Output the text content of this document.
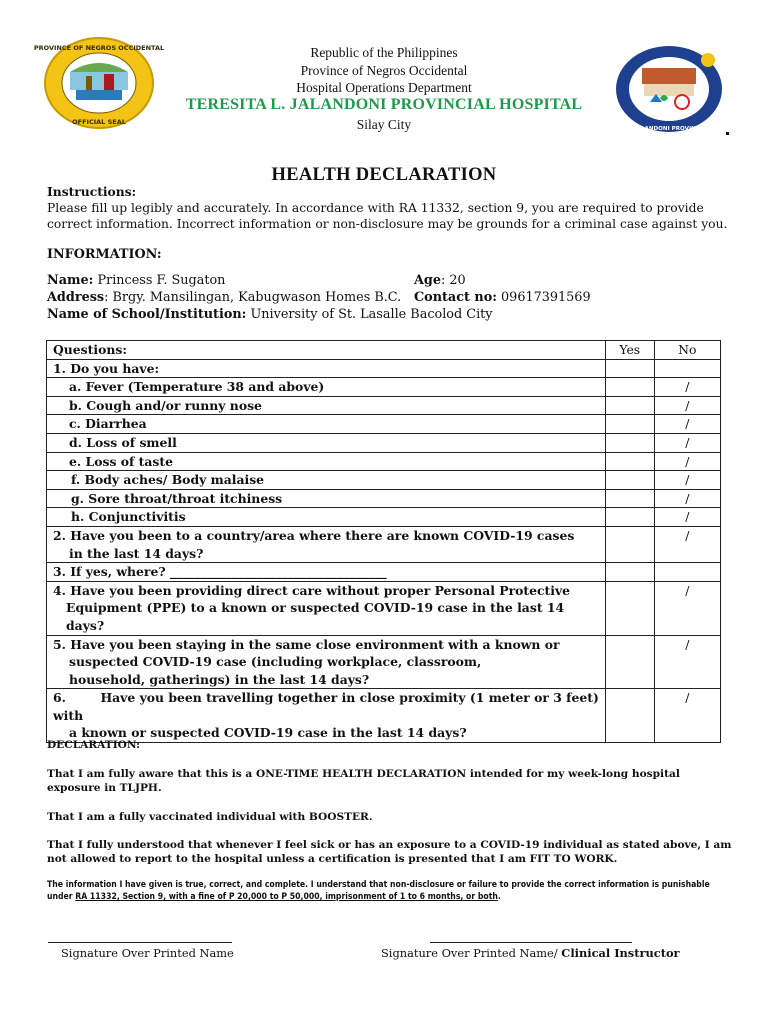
PROVINCE OF NEGROS OCCIDENTAL
OFFICIAL SEAL
TERESITA L. JALANDONI PROVINCIAL HOSPITAL
Republic of the Philippines
Province of Negros Occidental
Hospital Operations Department
TERESITA L. JALANDONI PROVINCIAL HOSPITAL
Silay City
HEALTH DECLARATION
Instructions:
Please fill up legibly and accurately. In accordance with RA 11332, section 9, you are required to provide
correct information. Incorrect information or non-disclosure may be grounds for a criminal case against you.
INFORMATION:
Name: Princess F. Sugaton	Age: 20
Address: Brgy. Mansilingan, Kabugwason Homes B.C. Contact no: 09617391569
Name of School/Institution: University of St. Lasalle Bacolod City
Questions:	Yes	No
1. Do you have:		
a. Fever (Temperature 38 and above)		/
b. Cough and/or runny nose		/
c. Diarrhea		/
d. Loss of smell		/
e. Loss of taste		/
f. Body aches/ Body malaise		/
g. Sore throat/throat itchiness		/
h. Conjunctivitis		/

2. Have you been to a country/area where there are known COVID-19 cases
in the last 14 days?		/
3. If yes, where? ___________________________________		

4. Have you been providing direct care without proper Personal Protective
Equipment (PPE) to a known or suspected COVID-19 case in the last 14
days?		/

5. Have you been staying in the same close environment with a known or
suspected COVID-19 case (including workplace, classroom,
household, gatherings) in the last 14 days?		/

6.        Have you been travelling together in close proximity (1 meter or 3 feet)
with
a known or suspected COVID-19 case in the last 14 days?		/
DECLARATION:
That I am fully aware that this is a ONE-TIME HEALTH DECLARATION intended for my week-long hospital
exposure in TLJPH.
That I am a fully vaccinated individual with BOOSTER.
That I fully understood that whenever I feel sick or has an exposure to a COVID-19 individual as stated above, I am
not allowed to report to the hospital unless a certification is presented that I am FIT TO WORK.
The information I have given is true, correct, and complete. I understand that non-disclosure or failure to provide the correct information is punishable
under RA 11332, Section 9, with a fine of P 20,000 to P 50,000, imprisonment of 1 to 6 months, or both.
Signature Over Printed Name	Signature Over Printed Name/ Clinical Instructor
